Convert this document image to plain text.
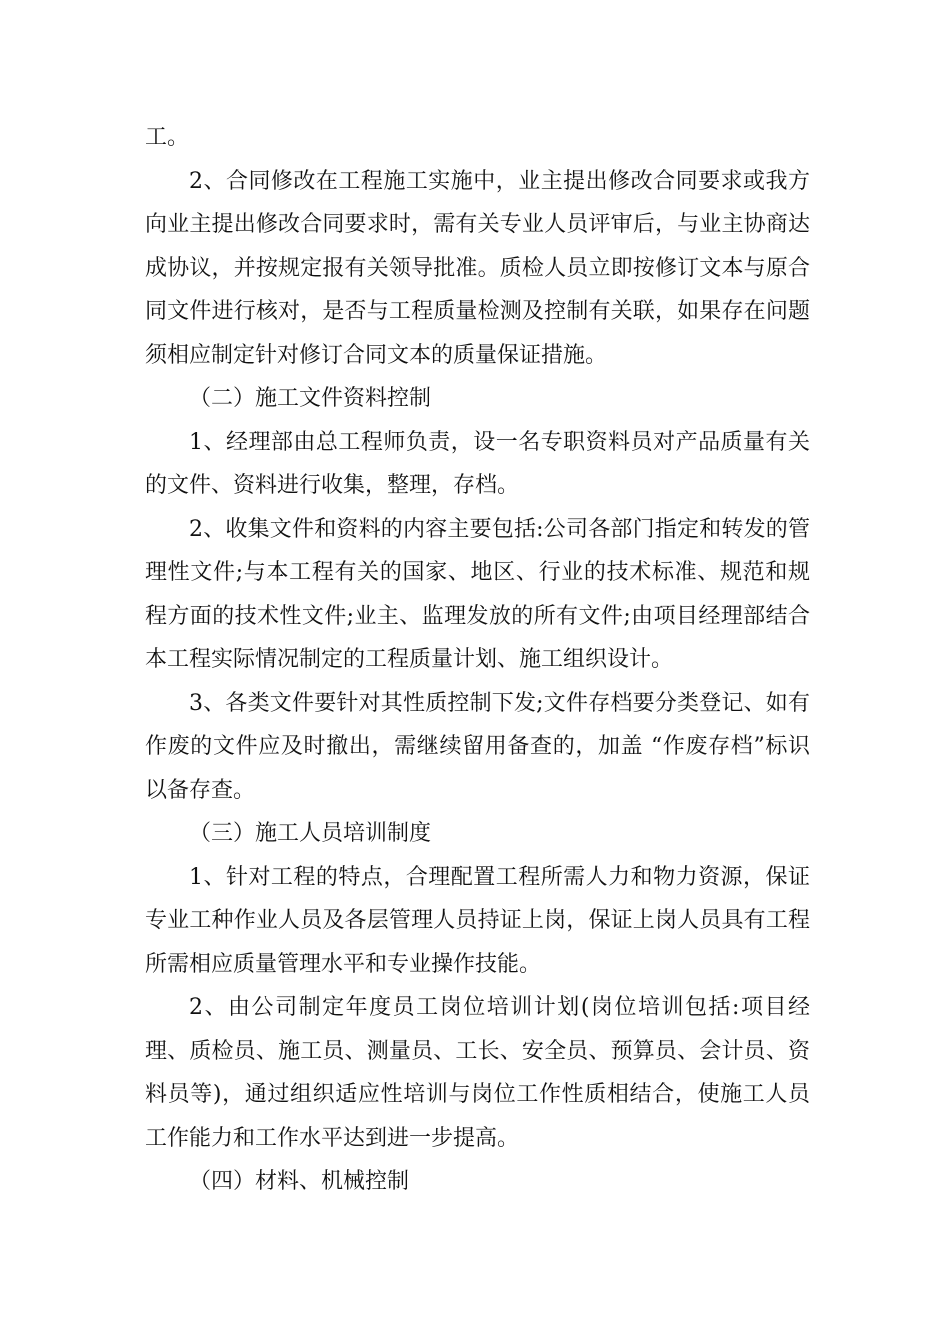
工。

2、合同修改在工程施工实施中，业主提出修改合同要求或我方向业主提出修改合同要求时，需有关专业人员评审后，与业主协商达成协议，并按规定报有关领导批准。质检人员立即按修订文本与原合同文件进行核对，是否与工程质量检测及控制有关联，如果存在问题须相应制定针对修订合同文本的质量保证措施。

（二）施工文件资料控制

1、经理部由总工程师负责，设一名专职资料员对产品质量有关的文件、资料进行收集，整理，存档。

2、收集文件和资料的内容主要包括:公司各部门指定和转发的管理性文件;与本工程有关的国家、地区、行业的技术标准、规范和规程方面的技术性文件;业主、监理发放的所有文件;由项目经理部结合本工程实际情况制定的工程质量计划、施工组织设计。

3、各类文件要针对其性质控制下发;文件存档要分类登记、如有作废的文件应及时撤出，需继续留用备查的，加盖 “作废存档”标识以备存查。

（三）施工人员培训制度

1、针对工程的特点，合理配置工程所需人力和物力资源，保证专业工种作业人员及各层管理人员持证上岗，保证上岗人员具有工程所需相应质量管理水平和专业操作技能。

2、由公司制定年度员工岗位培训计划(岗位培训包括:项目经理、质检员、施工员、测量员、工长、安全员、预算员、会计员、资料员等)，通过组织适应性培训与岗位工作性质相结合，使施工人员工作能力和工作水平达到进一步提高。

（四）材料、机械控制
